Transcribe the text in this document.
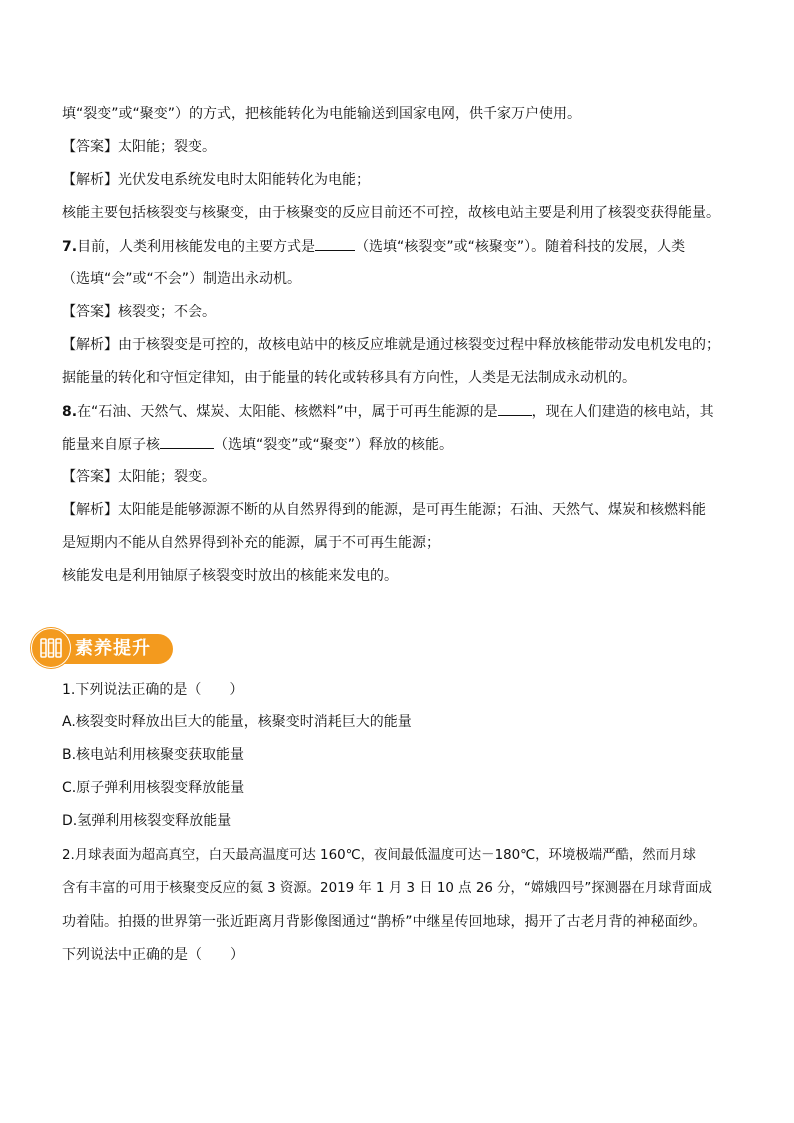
填“裂变”或“聚变”）的方式，把核能转化为电能输送到国家电网，供千家万户使用。
【答案】太阳能；裂变。
【解析】光伏发电系统发电时太阳能转化为电能；
核能主要包括核裂变与核聚变，由于核聚变的反应目前还不可控，故核电站主要是利用了核裂变获得能量。
7.目前，人类利用核能发电的主要方式是	（选填“核裂变”或“核聚变”）。随着科技的发展，人类
（选填“会”或“不会”）制造出永动机。
【答案】核裂变；不会。
【解析】由于核裂变是可控的，故核电站中的核反应堆就是通过核裂变过程中释放核能带动发电机发电的；
据能量的转化和守恒定律知，由于能量的转化或转移具有方向性，人类是无法制成永动机的。
8.在“石油、天然气、煤炭、太阳能、核燃料”中，属于可再生能源的是 ，现在人们建造的核电站，其
能量来自原子核	（选填“裂变”或“聚变”）释放的核能。
【答案】太阳能；裂变。
【解析】太阳能是能够源源不断的从自然界得到的能源，是可再生能源；石油、天然气、煤炭和核燃料能
是短期内不能从自然界得到补充的能源，属于不可再生能源；
核能发电是利用铀原子核裂变时放出的核能来发电的。
素养提升
1.下列说法正确的是（　　）
A.核裂变时释放出巨大的能量，核聚变时消耗巨大的能量
B.核电站利用核聚变获取能量
C.原子弹利用核裂变释放能量
D.氢弹利用核裂变释放能量
2.月球表面为超高真空，白天最高温度可达 160℃，夜间最低温度可达－180℃，环境极端严酷，然而月球
含有丰富的可用于核聚变反应的氦 3 资源。2019 年 1 月 3 日 10 点 26 分，“嫦娥四号”探测器在月球背面成
功着陆。拍摄的世界第一张近距离月背影像图通过“鹊桥”中继星传回地球，揭开了古老月背的神秘面纱。
下列说法中正确的是（　　）
